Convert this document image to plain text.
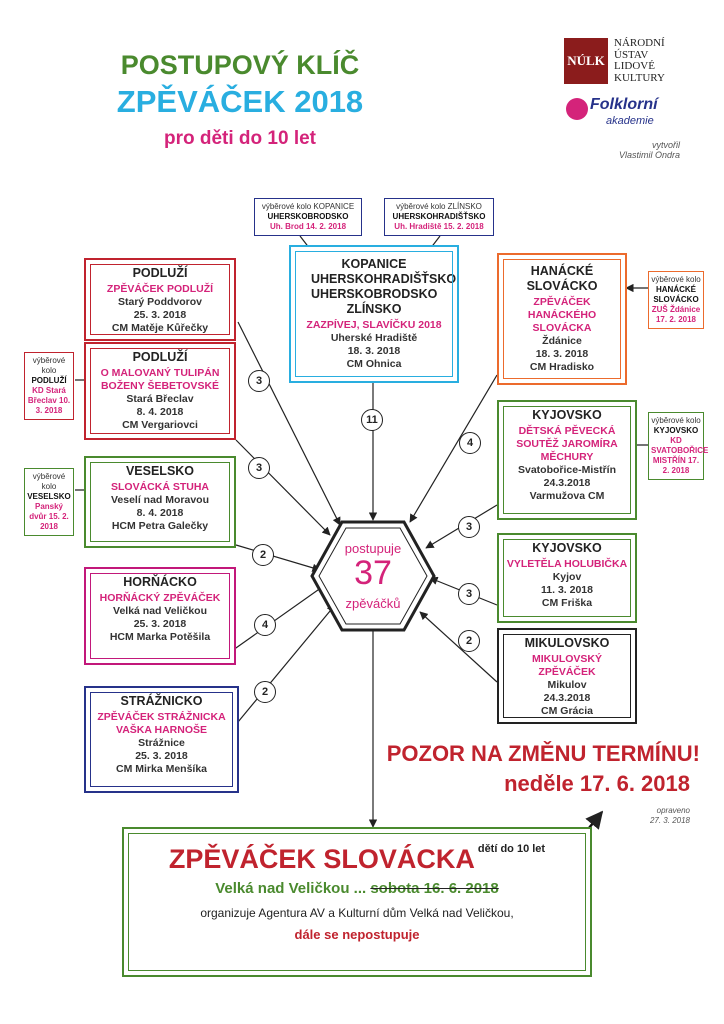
POSTUPOVÝ KLÍČ
ZPĚVÁČEK 2018
pro děti do 10 let
NÚLK
NÁRODNÍ
ÚSTAV
LIDOVÉ
KULTURY
Folklorní
akademie
vytvořil
Vlastimil Ondra
postupuje
37
zpěváčků
PODLUŽÍ
ZPĚVÁČEK PODLUŽÍ
Starý Poddvorov
25. 3. 2018
CM Matěje Kůřečky
PODLUŽÍ
O MALOVANÝ TULIPÁN BOŽENY ŠEBETOVSKÉ
Stará Břeclav
8. 4. 2018
CM Vergariovci
VESELSKO
SLOVÁCKÁ STUHA
Veselí nad Moravou
8. 4. 2018
HCM Petra Galečky
HORŇÁCKO
HORŇÁCKÝ ZPĚVÁČEK
Velká nad Veličkou
25. 3. 2018
HCM Marka Potěšila
STRÁŽNICKO
ZPĚVÁČEK STRÁŽNICKA VAŠKA HARNOŠE
Strážnice
25. 3. 2018
CM Mirka Menšíka
KOPANICE UHERSKOHRADIŠŤSKO UHERSKOBRODSKO ZLÍNSKO
ZAZPÍVEJ, SLAVÍČKU 2018
Uherské Hradiště
18. 3. 2018
CM Ohnica
HANÁCKÉ SLOVÁCKO
ZPĚVÁČEK HANÁCKÉHO SLOVÁCKA
Ždánice
18. 3. 2018
CM Hradisko
KYJOVSKO
DĚTSKÁ PĚVECKÁ SOUTĚŽ JAROMÍRA MĚCHURY
Svatobořice-Mistřín
24.3.2018
Varmužova CM
KYJOVSKO
VYLETĚLA HOLUBIČKA
Kyjov
11. 3. 2018
CM Friška
MIKULOVSKO
MIKULOVSKÝ ZPĚVÁČEK
Mikulov
24.3.2018
CM Grácia
výběrové kolo KOPANICE
UHERSKOBRODSKO
Uh. Brod 14. 2. 2018
výběrové kolo ZLÍNSKO
UHERSKOHRADIŠŤSKO
Uh. Hradiště 15. 2. 2018
výběrové kolo
PODLUŽÍ
KD Stará Břeclav 10. 3. 2018
výběrové kolo
VESELSKO
Panský dvůr 15. 2. 2018
výběrové kolo
HANÁCKÉ SLOVÁCKO
ZUŠ Ždánice 17. 2. 2018
výběrové kolo
KYJOVSKO
KD SVATOBOŘICE MISTŘÍN 17. 2. 2018
3
3
2
4
2
11
4
3
3
2
POZOR NA ZMĚNU TERMÍNU!
neděle 17. 6. 2018
opraveno
27. 3. 2018
ZPĚVÁČEK SLOVÁCKA dětí do 10 let
Velká nad Veličkou ... sobota 16. 6. 2018
organizuje Agentura AV a Kulturní dům Velká nad Veličkou,
dále se nepostupuje
